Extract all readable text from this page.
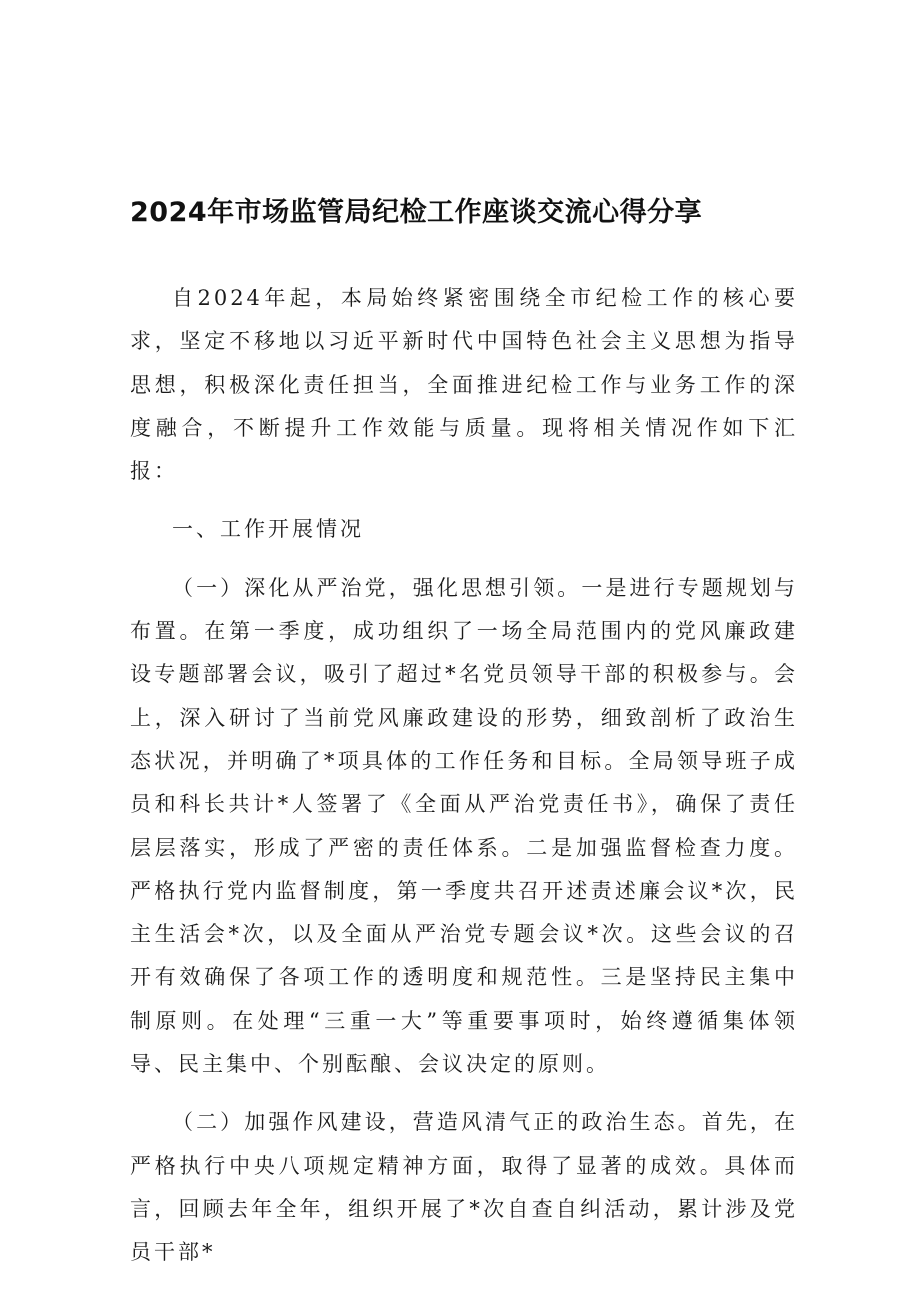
2024年市场监管局纪检工作座谈交流心得分享

自2024年起，本局始终紧密围绕全市纪检工作的核心要求，坚定不移地以习近平新时代中国特色社会主义思想为指导思想，积极深化责任担当，全面推进纪检工作与业务工作的深度融合，不断提升工作效能与质量。现将相关情况作如下汇报：

一、工作开展情况

（一）深化从严治党，强化思想引领。一是进行专题规划与布置。在第一季度，成功组织了一场全局范围内的党风廉政建设专题部署会议，吸引了超过*名党员领导干部的积极参与。会上，深入研讨了当前党风廉政建设的形势，细致剖析了政治生态状况，并明确了*项具体的工作任务和目标。全局领导班子成员和科长共计*人签署了《全面从严治党责任书》，确保了责任层层落实，形成了严密的责任体系。二是加强监督检查力度。严格执行党内监督制度，第一季度共召开述责述廉会议*次，民主生活会*次，以及全面从严治党专题会议*次。这些会议的召开有效确保了各项工作的透明度和规范性。三是坚持民主集中制原则。在处理“三重一大”等重要事项时，始终遵循集体领导、民主集中、个别酝酿、会议决定的原则。

（二）加强作风建设，营造风清气正的政治生态。首先，在严格执行中央八项规定精神方面，取得了显著的成效。具体而言，回顾去年全年，组织开展了*次自查自纠活动，累计涉及党员干部*
